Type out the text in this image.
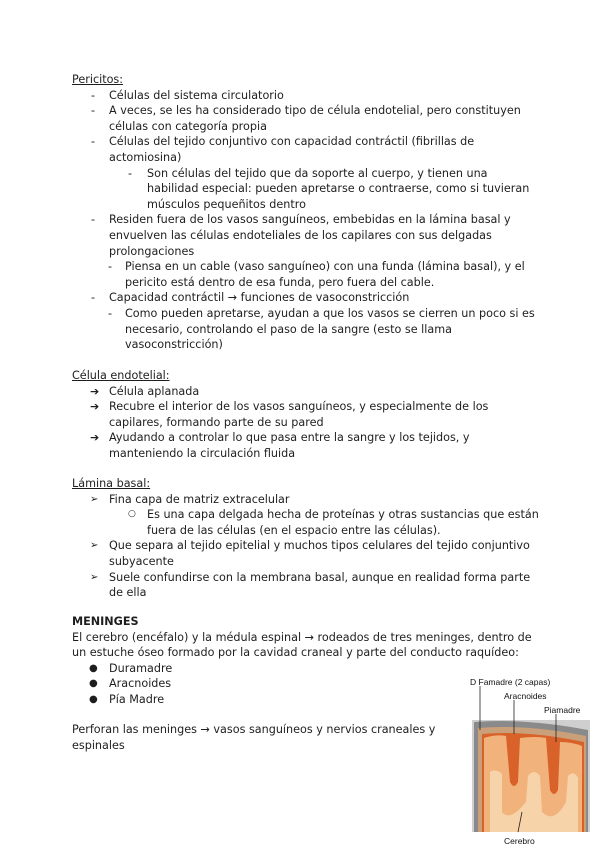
Pericitos:
- Células del sistema circulatorio
- A veces, se les ha considerado tipo de célula endotelial, pero constituyen células con categoría propia
- Células del tejido conjuntivo con capacidad contráctil (fibrillas de actomiosina)
- Son células del tejido que da soporte al cuerpo, y tienen una habilidad especial: pueden apretarse o contraerse, como si tuvieran músculos pequeñitos dentro
- Residen fuera de los vasos sanguíneos, embebidas en la lámina basal y envuelven las células endoteliales de los capilares con sus delgadas prolongaciones
- Piensa en un cable (vaso sanguíneo) con una funda (lámina basal), y el pericito está dentro de esa funda, pero fuera del cable.
- Capacidad contráctil → funciones de vasoconstricción
- Como pueden apretarse, ayudan a que los vasos se cierren un poco si es necesario, controlando el paso de la sangre (esto se llama vasoconstricción)
Célula endotelial:
➔ Célula aplanada
➔ Recubre el interior de los vasos sanguíneos, y especialmente de los capilares, formando parte de su pared
➔ Ayudando a controlar lo que pasa entre la sangre y los tejidos, y manteniendo la circulación fluida
Lámina basal:
➢ Fina capa de matriz extracelular
○ Es una capa delgada hecha de proteínas y otras sustancias que están fuera de las células (en el espacio entre las células).
➢ Que separa al tejido epitelial y muchos tipos celulares del tejido conjuntivo subyacente
➢ Suele confundirse con la membrana basal, aunque en realidad forma parte de ella
MENINGES
El cerebro (encéfalo) y la médula espinal → rodeados de tres meninges, dentro de un estuche óseo formado por la cavidad craneal y parte del conducto raquídeo:
● Duramadre
● Aracnoides
● Pía Madre
Perforan las meninges → vasos sanguíneos y nervios craneales y espinales
D Famadre (2 capas)
Aracnoides
Piamadre
Cerebro
